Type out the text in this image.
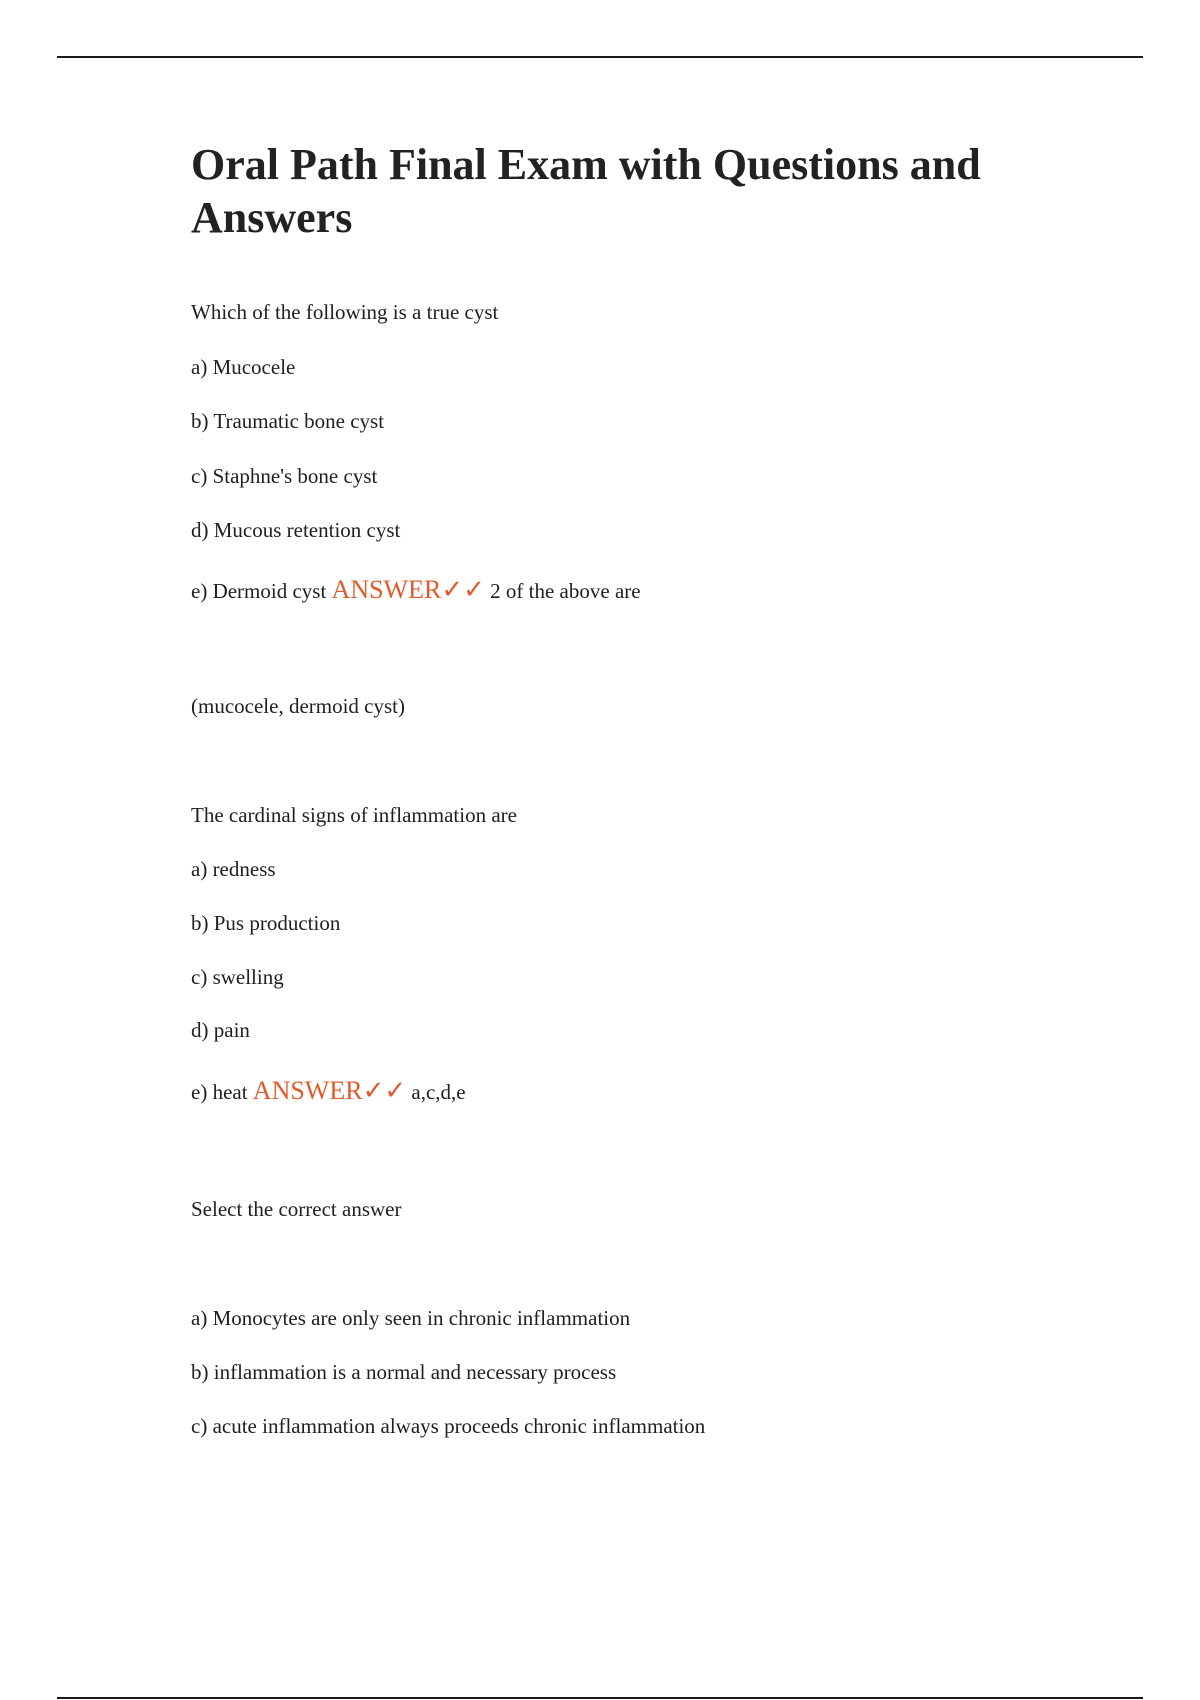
Oral Path Final Exam with Questions and Answers
Which of the following is a true cyst
a) Mucocele
b) Traumatic bone cyst
c) Staphne's bone cyst
d) Mucous retention cyst
e) Dermoid cyst ANSWER✓✓ 2 of the above are
(mucocele, dermoid cyst)
The cardinal signs of inflammation are
a) redness
b) Pus production
c) swelling
d) pain
e) heat ANSWER✓✓ a,c,d,e
Select the correct answer
a) Monocytes are only seen in chronic inflammation
b) inflammation is a normal and necessary process
c) acute inflammation always proceeds chronic inflammation
